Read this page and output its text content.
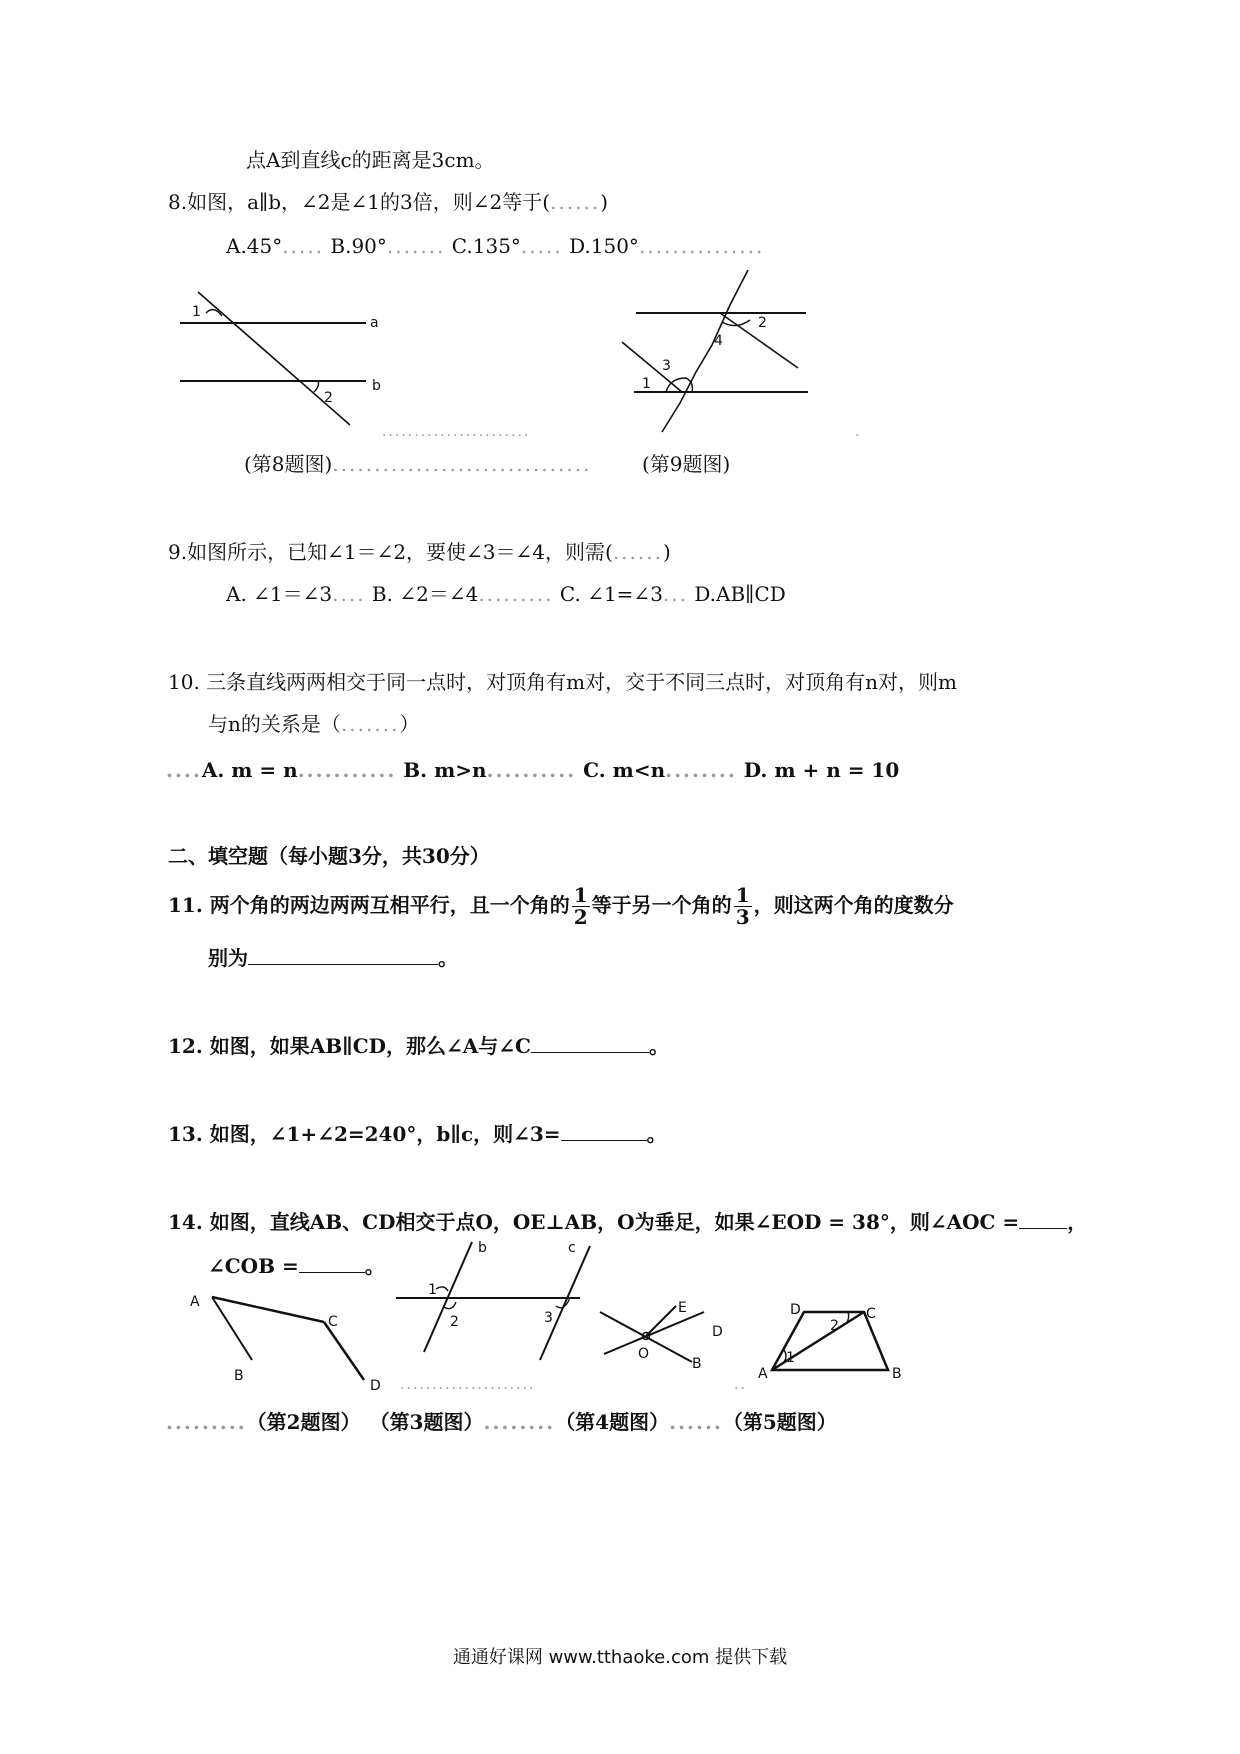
点A到直线c的距离是3cm。
8.如图，a∥b，∠2是∠1的3倍，则∠2等于(......)
A.45°..... B.90°....... C.135°..... D.150°...............
a
b
1
2
2
4
3
1
.......................	.
(第8题图)...............................	(第9题图)
9.如图所示，已知∠1＝∠2，要使∠3＝∠4，则需(......)
A. ∠1＝∠3.... B. ∠2＝∠4......... C. ∠1=∠3... D.AB∥CD
10. 三条直线两两相交于同一点时，对顶角有m对，交于不同三点时，对顶角有n对，则m
与n的关系是（.......）
....A. m = n........... B. m>n.......... C. m<n........ D. m + n = 10
二、填空题（每小题3分，共30分）
11. 两个角的两边两两互相平行，且一个角的 $\frac{1}{2}$ 等于另一个角的 $\frac{1}{3}$ ，则这两个角的度数分
别为	。
12. 如图，如果AB∥CD，那么∠A与∠C	。
13. 如图，∠1+∠2=240°，b∥c，则∠3=	。
14. 如图，直线AB、CD相交于点O，OE⊥AB，O为垂足，如果∠EOD = 38°，则∠AOC = ，
∠COB =	。
A
B
C
D
b	c
1
2	3
E
D
O
B
D	C
A	B
1
2
.....................	..
.........（第2题图） （第3题图）........（第4题图）......（第5题图）
通通好课网 www.tthaoke.com 提供下载
